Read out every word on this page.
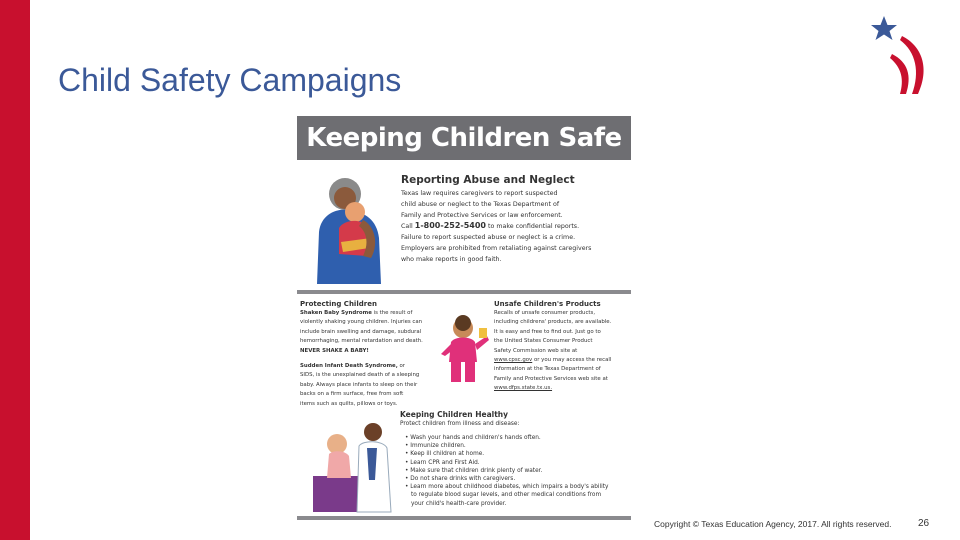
Child Safety Campaigns
Keeping Children Safe
Reporting Abuse and Neglect

Texas law requires caregivers to report suspected

child abuse or neglect to the Texas Department of

Family and Protective Services or law enforcement.

Call 1-800-252-5400 to make confidential reports.

Failure to report suspected abuse or neglect is a crime.

Employers are prohibited from retaliating against caregivers

who make reports in good faith.

Protecting Children

Shaken Baby Syndrome is the result of

violently shaking young children. Injuries can

include brain swelling and damage, subdural

hemorrhaging, mental retardation and death.

NEVER SHAKE A BABY!

Sudden Infant Death Syndrome, or

SIDS, is the unexplained death of a sleeping

baby. Always place infants to sleep on their

backs on a firm surface, free from soft

items such as quilts, pillows or toys.

Unsafe Children's Products

Recalls of unsafe consumer products,

including childrens' products, are available.

It is easy and free to find out. Just go to

the United States Consumer Product

Safety Commission web site at

www.cpsc.gov or you may access the recall

information at the Texas Department of

Family and Protective Services web site at

www.dfps.state.tx.us.

Keeping Children Healthy
Protect children from illness and disease:

• Wash your hands and children's hands often.

• Immunize children.

• Keep ill children at home.

• Learn CPR and First Aid.

• Make sure that children drink plenty of water.

• Do not share drinks with caregivers.

• Learn more about childhood diabetes, which impairs a body's ability

to regulate blood sugar levels, and other medical conditions from

your child's health-care provider.

Copyright © Texas Education Agency, 2017. All rights reserved.	26
